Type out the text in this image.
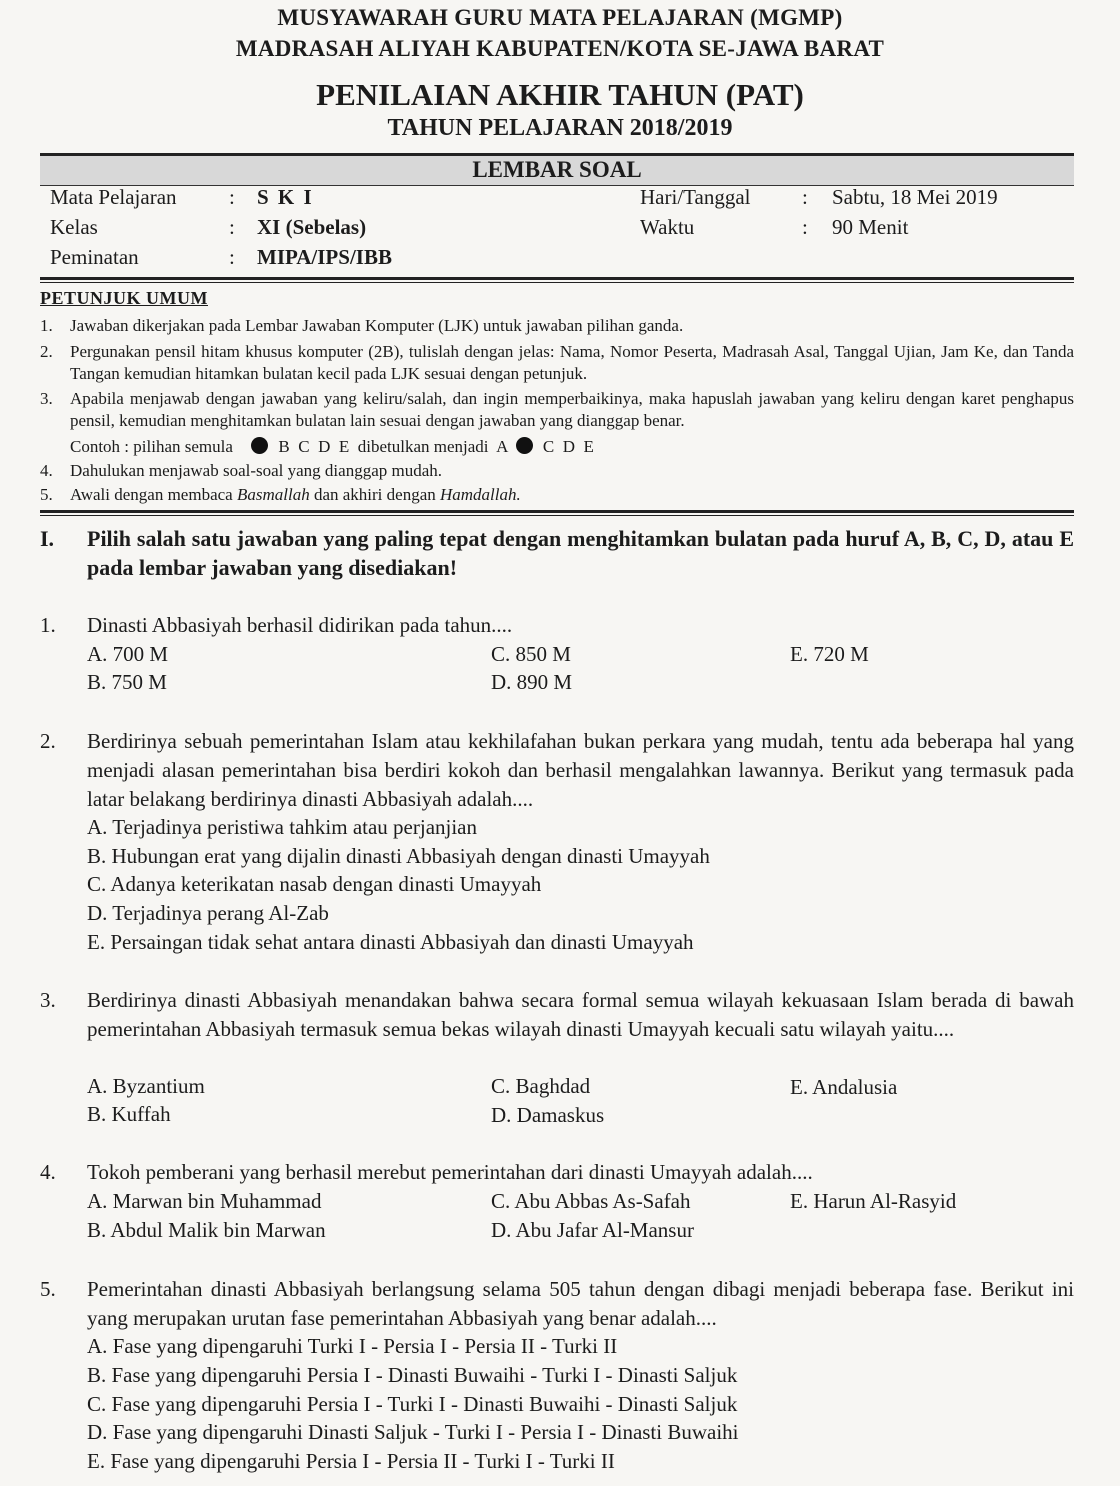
MUSYAWARAH GURU MATA PELAJARAN (MGMP)
MADRASAH ALIYAH KABUPATEN/KOTA SE-JAWA BARAT
PENILAIAN AKHIR TAHUN (PAT)
TAHUN PELAJARAN 2018/2019
LEMBAR SOAL
Mata Pelajaran : S K I	Hari/Tanggal : Sabtu, 18 Mei 2019
Kelas	: XI (Sebelas)	Waktu	: 90 Menit
Peminatan	: MIPA/IPS/IBB
PETUNJUK UMUM
1. Jawaban dikerjakan pada Lembar Jawaban Komputer (LJK) untuk jawaban pilihan ganda.
2. Pergunakan pensil hitam khusus komputer (2B), tulislah dengan jelas: Nama, Nomor Peserta, Madrasah Asal, Tanggal Ujian, Jam Ke, dan Tanda Tangan kemudian hitamkan bulatan kecil pada LJK sesuai dengan petunjuk.
3. Apabila menjawab dengan jawaban yang keliru/salah, dan ingin memperbaikinya, maka hapuslah jawaban yang keliru dengan karet penghapus pensil, kemudian menghitamkan bulatan lain sesuai dengan jawaban yang dianggap benar.
Contoh : pilihan semula	B  C  D  E  dibetulkan menjadi  A C  D  E
4. Dahulukan menjawab soal-soal yang dianggap mudah.
5. Awali dengan membaca Basmallah dan akhiri dengan Hamdallah.
I. Pilih salah satu jawaban yang paling tepat dengan menghitamkan bulatan pada huruf A, B, C, D, atau E pada lembar jawaban yang disediakan!
1. Dinasti Abbasiyah berhasil didirikan pada tahun....
A. 700 M
B. 750 M
C. 850 M
D. 890 M
E. 720 M
2. Berdirinya sebuah pemerintahan Islam atau kekhilafahan bukan perkara yang mudah, tentu ada beberapa hal yang menjadi alasan pemerintahan bisa berdiri kokoh dan berhasil mengalahkan lawannya. Berikut yang termasuk pada latar belakang berdirinya dinasti Abbasiyah adalah....
A. Terjadinya peristiwa tahkim atau perjanjian
B. Hubungan erat yang dijalin dinasti Abbasiyah dengan dinasti Umayyah
C. Adanya keterikatan nasab dengan dinasti Umayyah
D. Terjadinya perang Al-Zab
E. Persaingan tidak sehat antara dinasti Abbasiyah dan dinasti Umayyah
3. Berdirinya dinasti Abbasiyah menandakan bahwa secara formal semua wilayah kekuasaan Islam berada di bawah pemerintahan Abbasiyah termasuk semua bekas wilayah dinasti Umayyah kecuali satu wilayah yaitu....
A. Byzantium
B. Kuffah
C. Baghdad
D. Damaskus
E. Andalusia
4. Tokoh pemberani yang berhasil merebut pemerintahan dari dinasti Umayyah adalah....
A. Marwan bin Muhammad
B. Abdul Malik bin Marwan
C. Abu Abbas As-Safah
D. Abu Jafar Al-Mansur
E. Harun Al-Rasyid
5. Pemerintahan dinasti Abbasiyah berlangsung selama 505 tahun dengan dibagi menjadi beberapa fase. Berikut ini yang merupakan urutan fase pemerintahan Abbasiyah yang benar adalah....
A. Fase yang dipengaruhi Turki I - Persia I - Persia II - Turki II
B. Fase yang dipengaruhi Persia I - Dinasti Buwaihi - Turki I - Dinasti Saljuk
C. Fase yang dipengaruhi Persia I - Turki I - Dinasti Buwaihi - Dinasti Saljuk
D. Fase yang dipengaruhi Dinasti Saljuk - Turki I - Persia I - Dinasti Buwaihi
E. Fase yang dipengaruhi Persia I - Persia II - Turki I - Turki II
